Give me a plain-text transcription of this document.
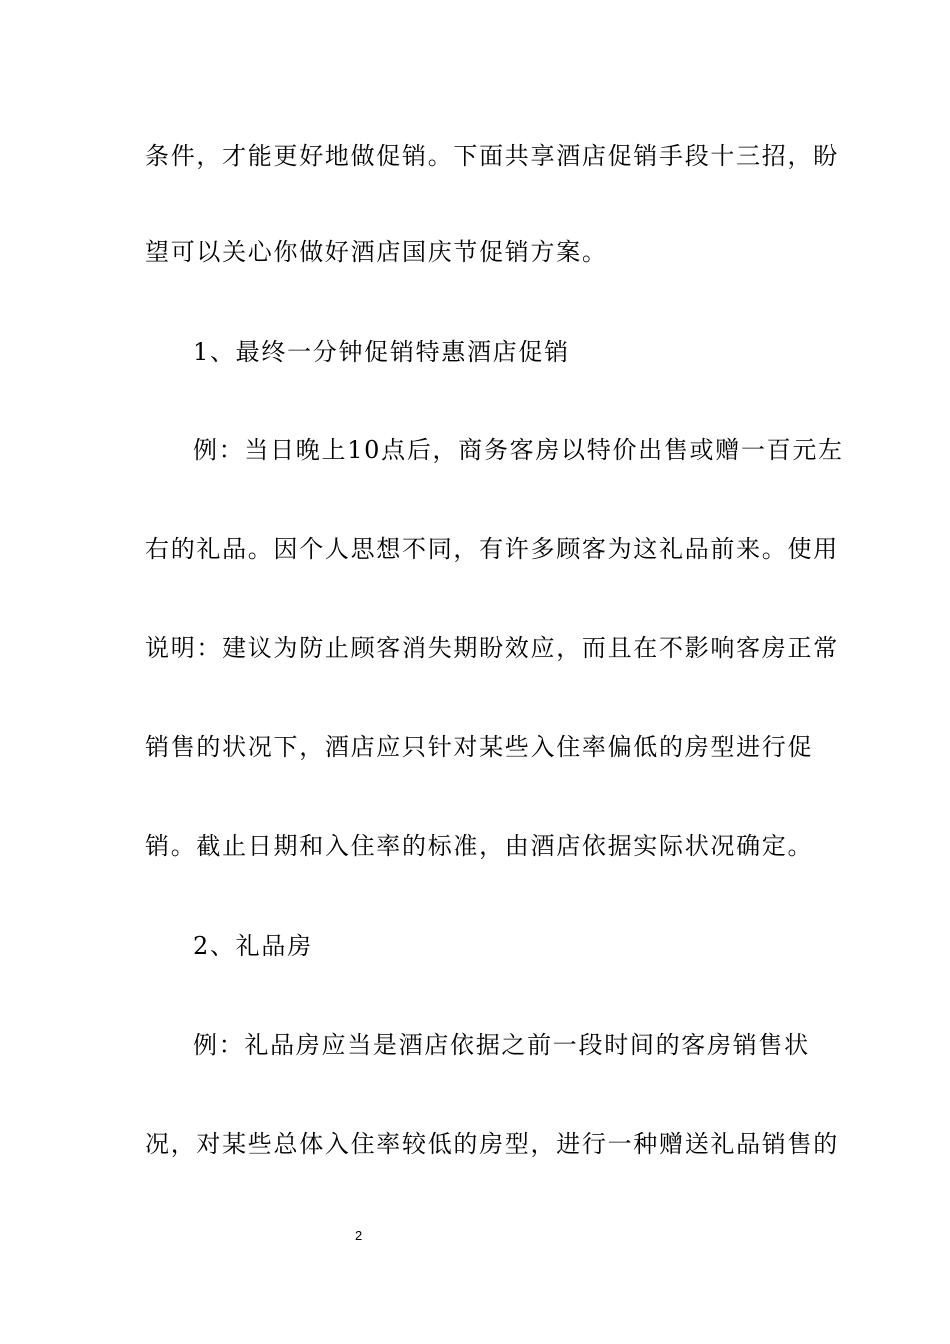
条件，才能更好地做促销。下面共享酒店促销手段十三招，盼
望可以关心你做好酒店国庆节促销方案。
1、最终一分钟促销特惠酒店促销
例：当日晚上10点后，商务客房以特价出售或赠一百元左
右的礼品。因个人思想不同，有许多顾客为这礼品前来。使用
说明：建议为防止顾客消失期盼效应，而且在不影响客房正常
销售的状况下，酒店应只针对某些入住率偏低的房型进行促
销。截止日期和入住率的标准，由酒店依据实际状况确定。
2、礼品房
例：礼品房应当是酒店依据之前一段时间的客房销售状
况，对某些总体入住率较低的房型，进行一种赠送礼品销售的
2
